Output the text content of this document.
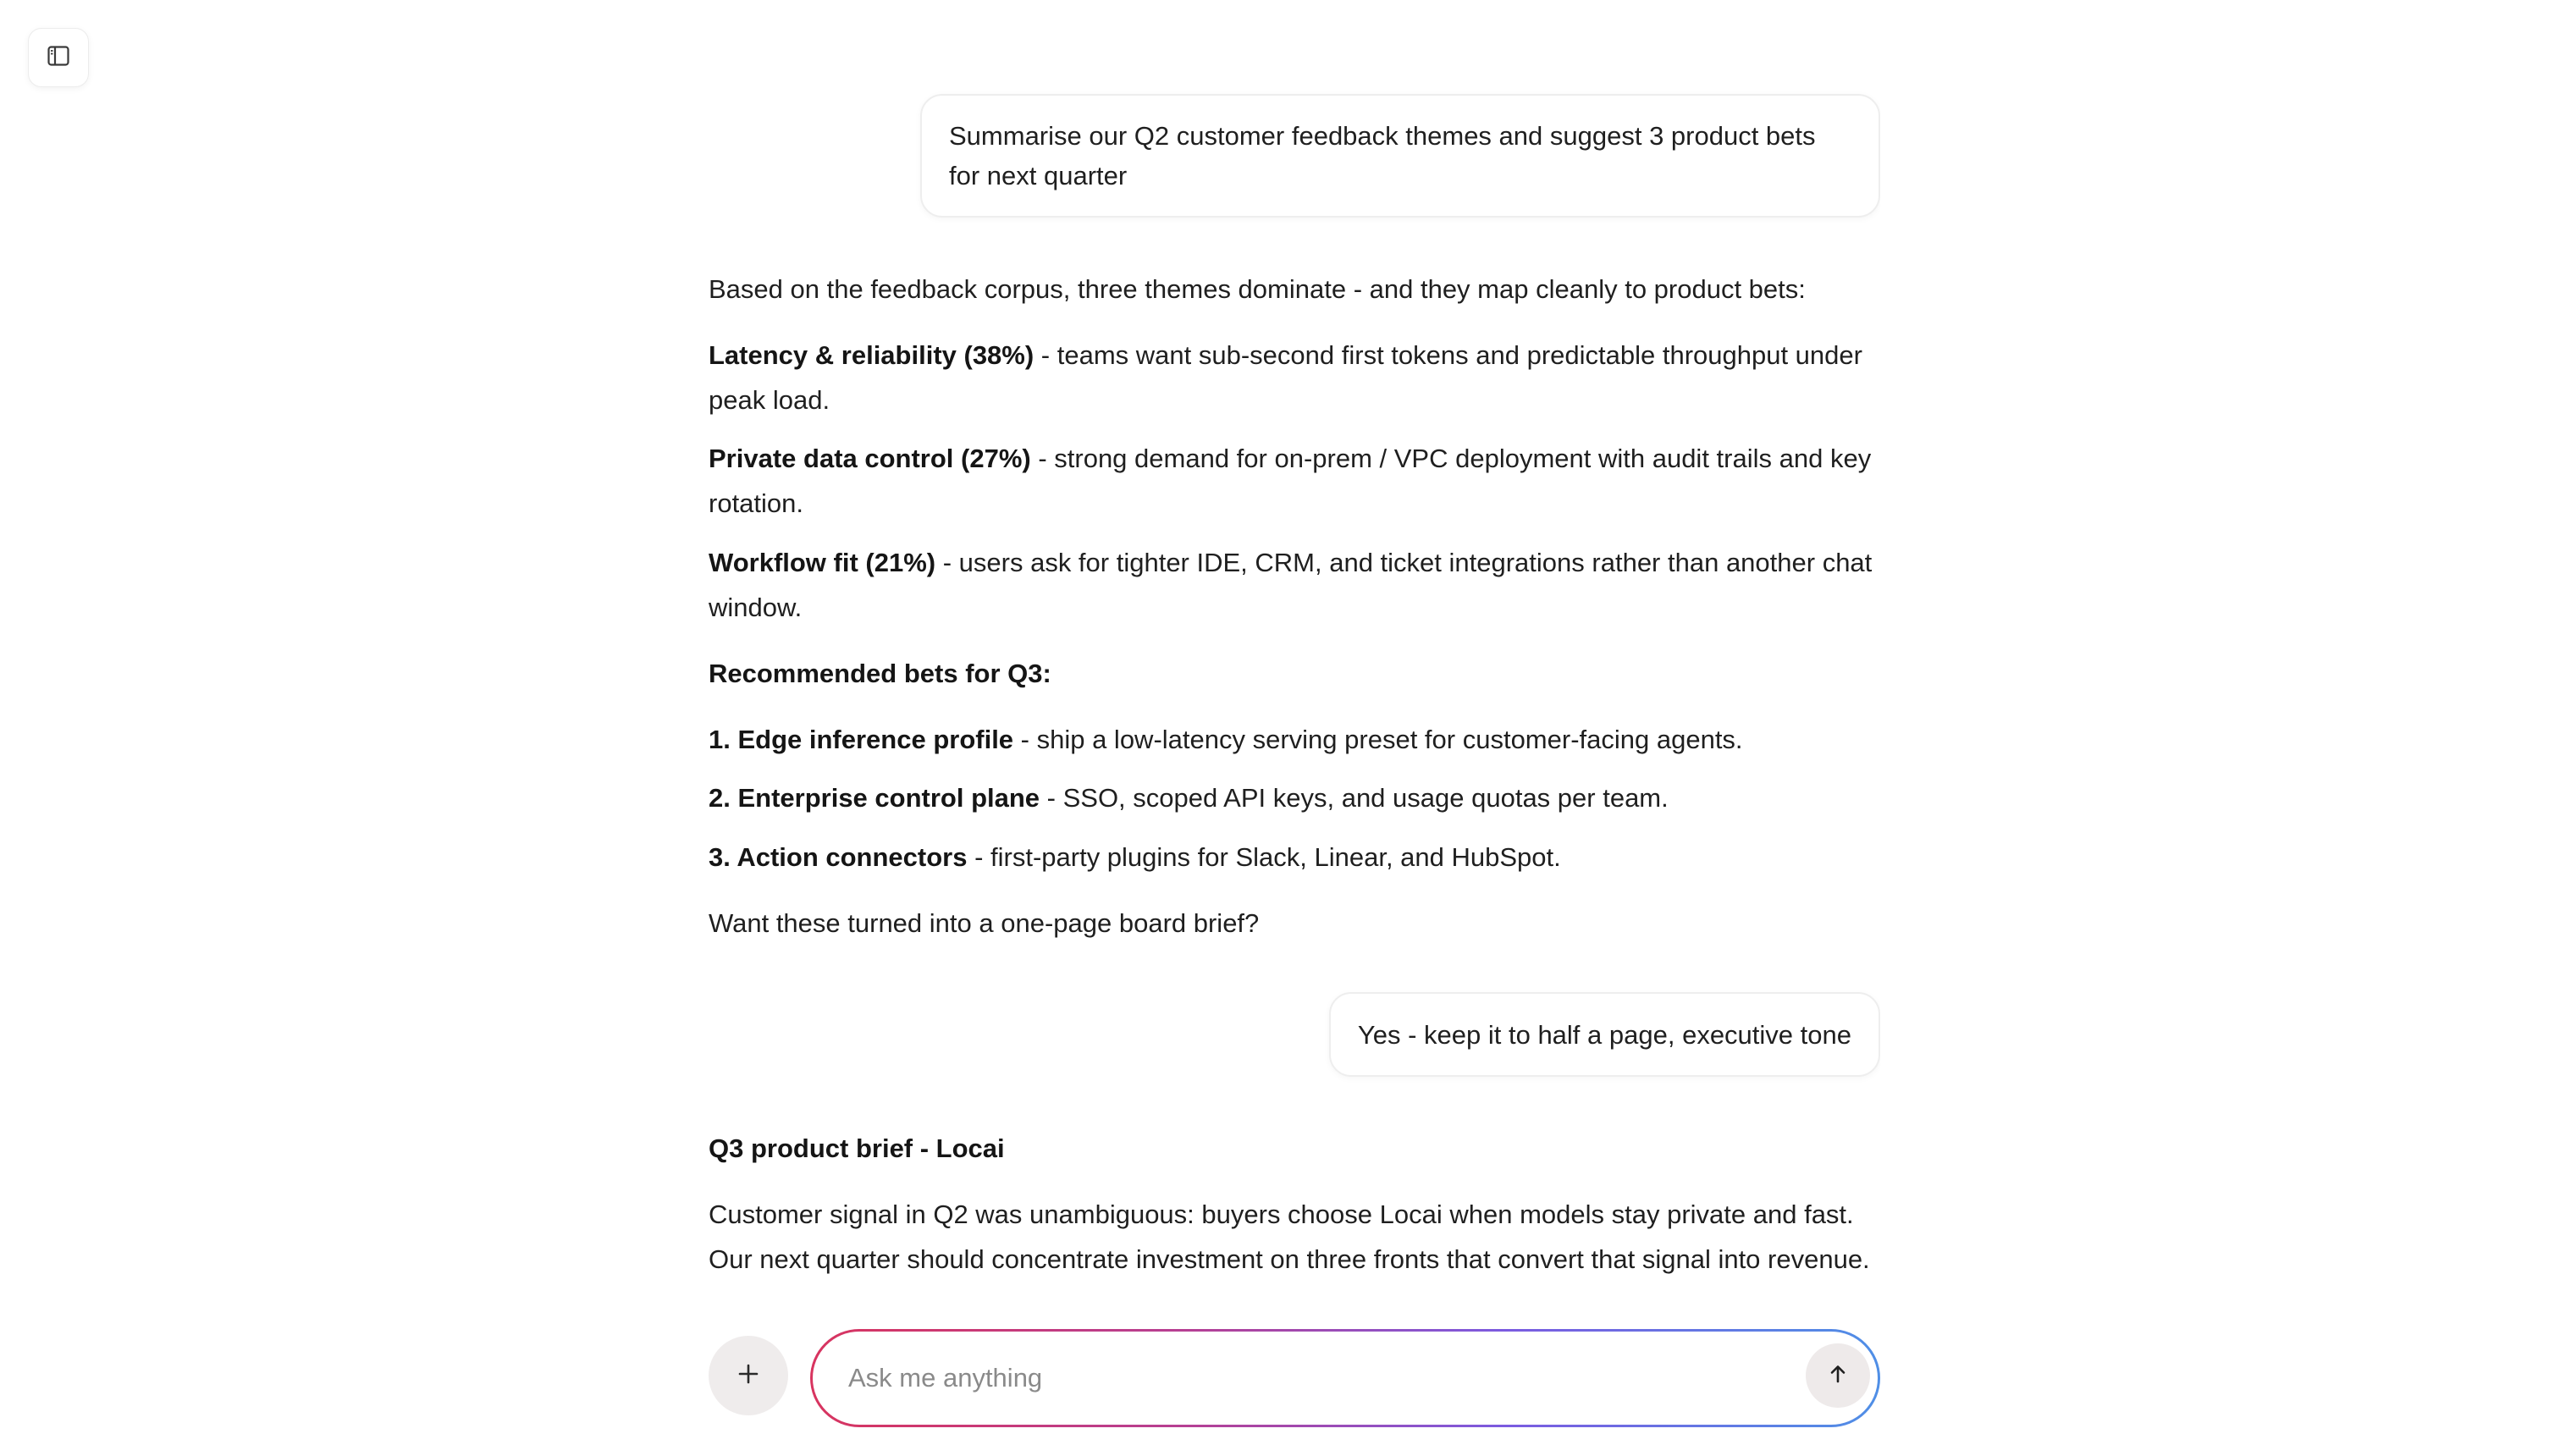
Summarise our Q2 customer feedback themes and suggest 3 product bets for next quarter

Based on the feedback corpus, three themes dominate - and they map cleanly to product bets:

Latency & reliability (38%) - teams want sub-second first tokens and predictable throughput under peak load.

Private data control (27%) - strong demand for on-prem / VPC deployment with audit trails and key rotation.

Workflow fit (21%) - users ask for tighter IDE, CRM, and ticket integrations rather than another chat window.

Recommended bets for Q3:

1. Edge inference profile - ship a low-latency serving preset for customer-facing agents.

2. Enterprise control plane - SSO, scoped API keys, and usage quotas per team.

3. Action connectors - first-party plugins for Slack, Linear, and HubSpot.

Want these turned into a one-page board brief?

Yes - keep it to half a page, executive tone

Q3 product brief - Locai

Customer signal in Q2 was unambiguous: buyers choose Locai when models stay private and fast. Our next quarter should concentrate investment on three fronts that convert that signal into revenue.

Ask me anything
